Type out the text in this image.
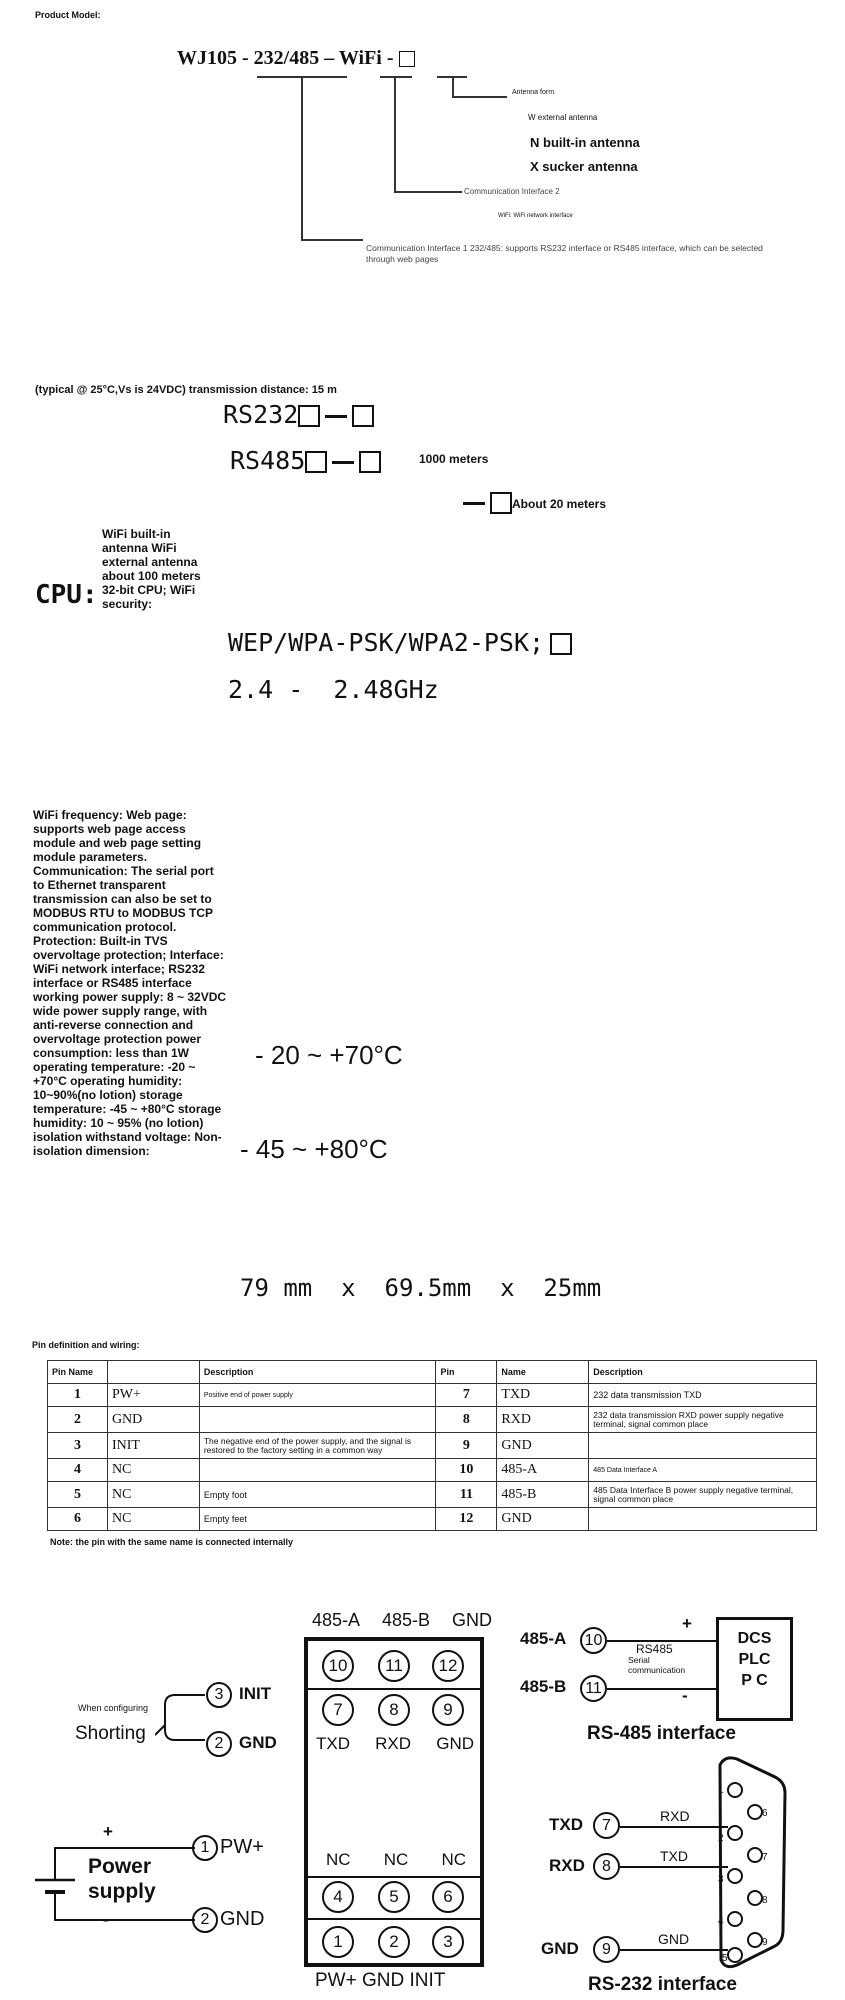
Product Model:
WJ105 - 232/485 – WiFi -
Antenna form
W external antenna
N built-in antenna
X sucker antenna
Communication Interface 2
WiFi: WiFi network interface
Communication Interface 1 232/485: supports RS232 interface or RS485 interface, which can be selected through web pages
(typical @ 25°C,Vs is 24VDC) transmission distance: 15 m
RS232
RS485	1000 meters
About 20 meters
CPU:
WiFi built-in antenna WiFi external antenna about 100 meters 32-bit CPU; WiFi security:
WEP/WPA-PSK/WPA2-PSK;
2.4 -  2.48GHz
WiFi frequency: Web page: supports web page access module and web page setting module parameters. Communication: The serial port to Ethernet transparent transmission can also be set to MODBUS RTU to MODBUS TCP communication protocol. Protection: Built-in TVS overvoltage protection; Interface: WiFi network interface; RS232 interface or RS485 interface working power supply: 8 ~ 32VDC wide power supply range, with anti-reverse connection and overvoltage protection power consumption: less than 1W operating temperature: -20 ~ +70°C operating humidity: 10~90%(no lotion) storage temperature: -45 ~ +80°C storage humidity: 10 ~ 95% (no lotion) isolation withstand voltage: Non-isolation dimension:
- 20 ~ +70°C
- 45 ~ +80°C
79 mm  x  69.5mm  x  25mm
Pin definition and wiring:
Pin Name		Description	Pin	Name	Description
1	PW+	Positive end of power supply	7	TXD	232 data transmission TXD
2	GND		8	RXD	232 data transmission RXD power supply negative terminal, signal common place
3	INIT	The negative end of the power supply, and the signal is restored to the factory setting in a common way	9	GND	
4	NC		10	485-A	485 Data Interface A
5	NC	Empty foot	11	485-B	485 Data Interface B power supply negative terminal, signal common place
6	NC	Empty feet	12	GND	
Note: the pin with the same name is connected internally
485-A 485-B GND
10	11	12
7	8	9
TXD RXD GND
NC NC NC
4	5	6
1	2	3
PW+ GND INIT
When configuring
Shorting
3 INIT
2 GND
+
-
Power
supply
1 PW+
2 GND
485-A 10
485-B	11
+
-
RS485
Serial communication
DCS
PLC
P C
RS-485 interface
1
6
2
7
3
8
4
9
5
TXD	7
RXD
RXD	8
TXD
GND	9
GND
RS-232 interface
